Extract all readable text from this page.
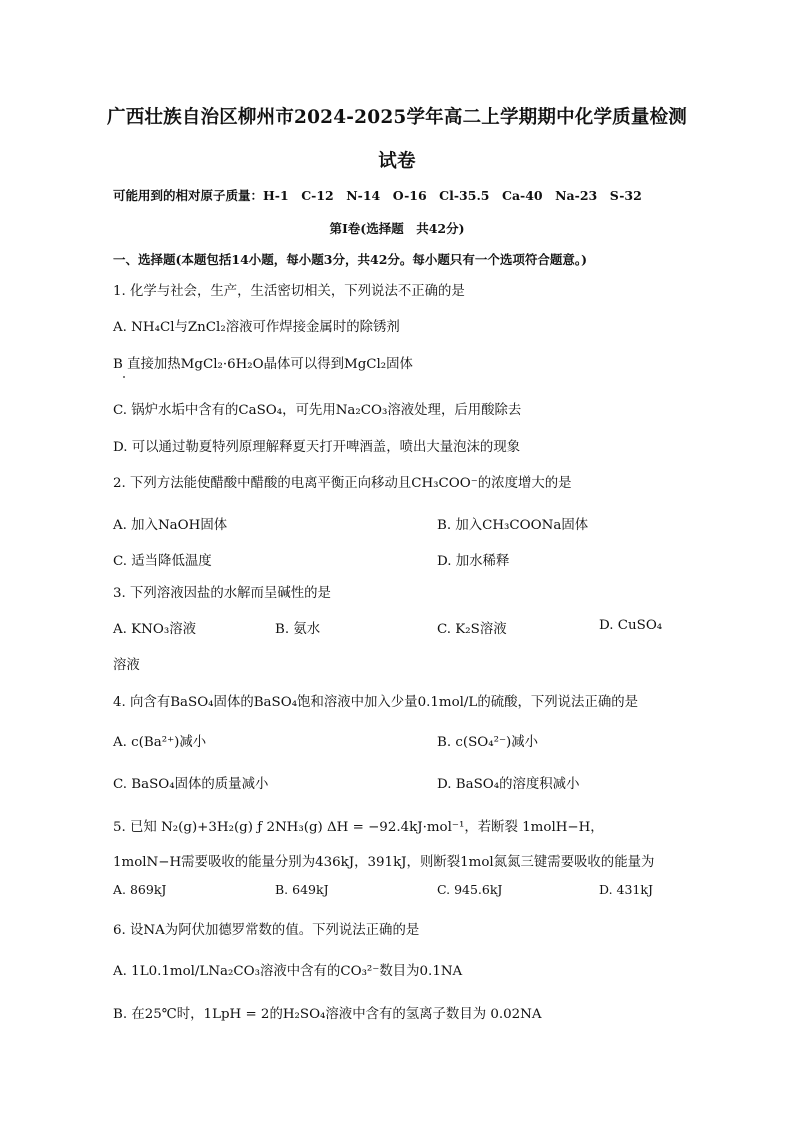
广西壮族自治区柳州市2024-2025学年高二上学期期中化学质量检测
试卷
可能用到的相对原子质量：H-1　C-12　N-14　O-16　Cl-35.5　Ca-40　Na-23　S-32
第Ⅰ卷(选择题　共42分)
一、选择题(本题包括14小题，每小题3分，共42分。每小题只有一个选项符合题意。)
1. 化学与社会，生产，生活密切相关，下列说法不正确的是
A. NH₄Cl与ZnCl₂溶液可作焊接金属时的除锈剂
B 直接加热MgCl₂·6H₂O晶体可以得到MgCl₂固体
C. 锅炉水垢中含有的CaSO₄，可先用Na₂CO₃溶液处理，后用酸除去
D. 可以通过勒夏特列原理解释夏天打开啤酒盖，喷出大量泡沫的现象
2. 下列方法能使醋酸中醋酸的电离平衡正向移动且CH₃COO⁻的浓度增大的是
A. 加入NaOH固体	B. 加入CH₃COONa固体
C. 适当降低温度	D. 加水稀释
3. 下列溶液因盐的水解而呈碱性的是
A. KNO₃溶液	B. 氨水	C. K₂S溶液	D. CuSO₄
溶液
4. 向含有BaSO₄固体的BaSO₄饱和溶液中加入少量0.1mol/L的硫酸，下列说法正确的是
A. c(Ba²⁺)减小	B. c(SO₄²⁻)减小
C. BaSO₄固体的质量减小	D. BaSO₄的溶度积减小
5. 已知 N₂(g)+3H₂(g) ƒ 2NH₃(g) ΔH = −92.4kJ·mol⁻¹，若断裂 1molH−H，
1molN−H需要吸收的能量分别为436kJ，391kJ，则断裂1mol氮氮三键需要吸收的能量为
A. 869kJ	B. 649kJ	C. 945.6kJ	D. 431kJ
6. 设NA为阿伏加德罗常数的值。下列说法正确的是
A. 1L0.1mol/LNa₂CO₃溶液中含有的CO₃²⁻数目为0.1NA
B. 在25℃时，1LpH = 2的H₂SO₄溶液中含有的氢离子数目为 0.02NA
